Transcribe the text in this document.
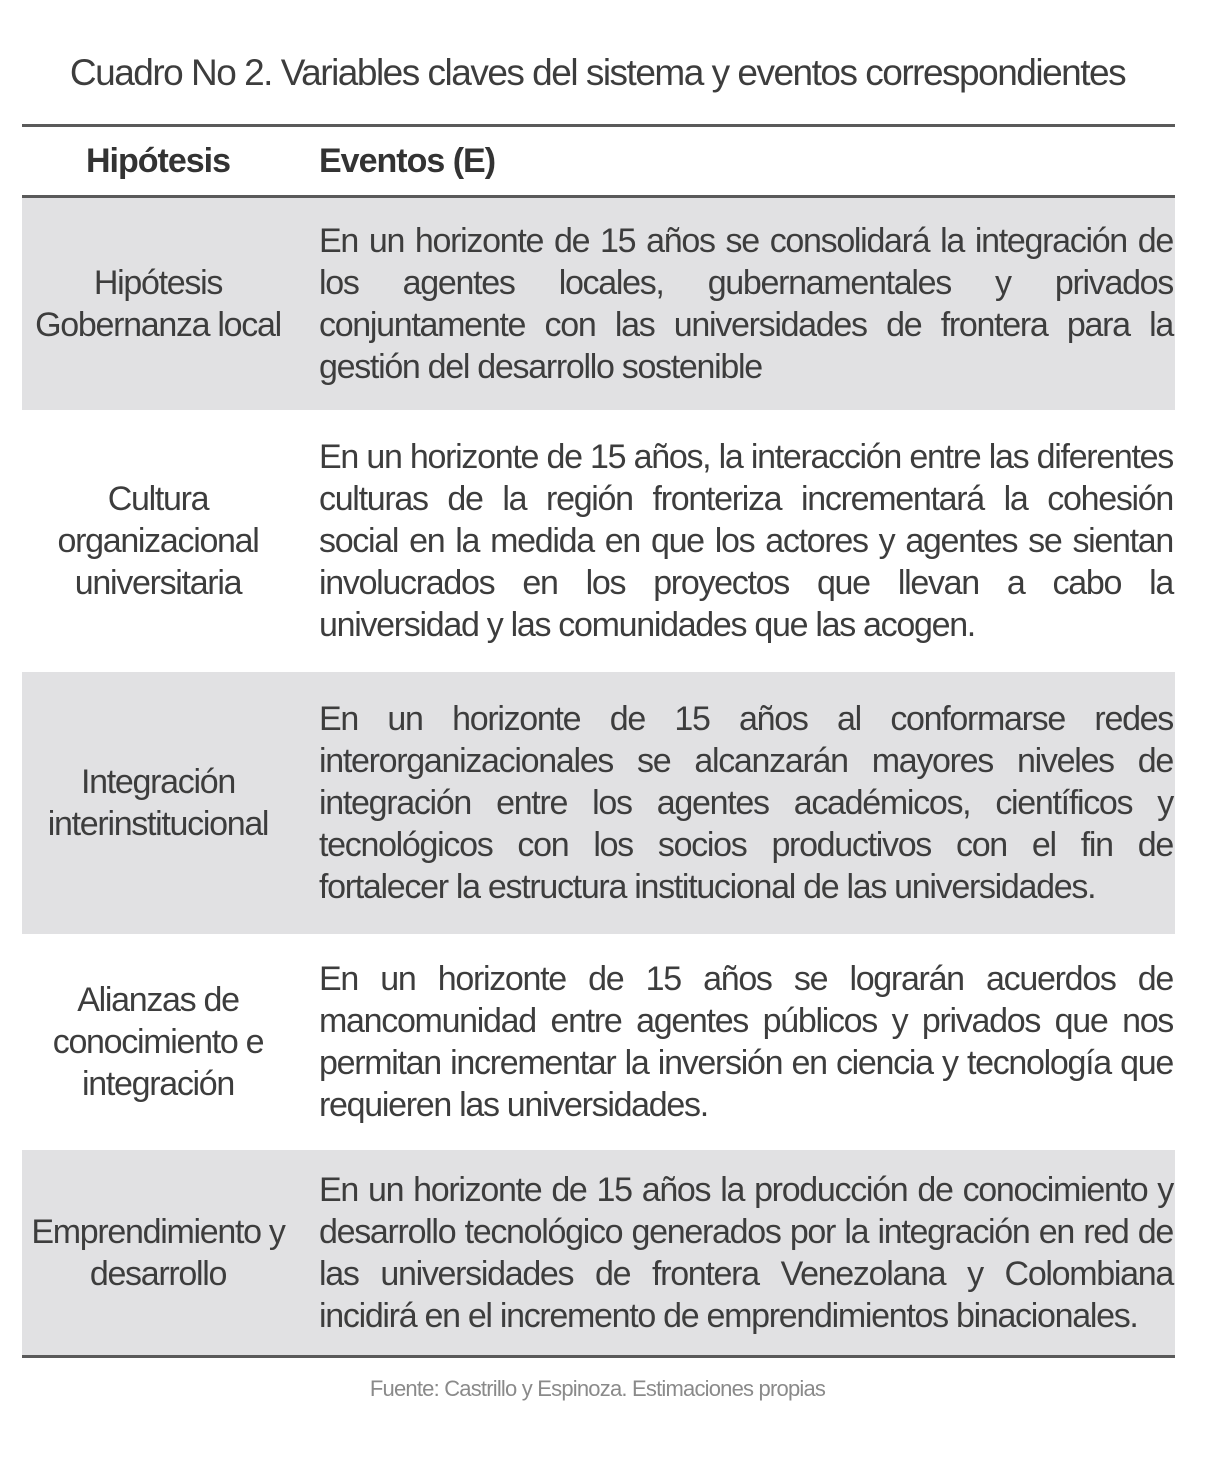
Cuadro No 2. Variables claves del sistema y eventos correspondientes
Hipótesis	Eventos (E)
Hipótesis Gobernanza local
En un horizonte de 15 años se consolidará la integración de los agentes locales, gubernamentales y privados conjuntamente con las universidades de frontera para la gestión del desarrollo sostenible
Cultura organizacional universitaria
En un horizonte de 15 años, la interacción entre las diferentes culturas de la región fronteriza incrementará la cohesión social en la medida en que los actores y agentes se sientan involucrados en los proyectos que llevan a cabo la universidad y las comunidades que las acogen.
Integración interinstitucional
En un horizonte de 15 años al conformarse redes interorganizacionales se alcanzarán mayores niveles de integración entre los agentes académicos, científicos y tecnológicos con los socios productivos con el fin de fortalecer la estructura institucional de las universidades.
Alianzas de conocimiento e integración
En un horizonte de 15 años se lograrán acuerdos de mancomunidad entre agentes públicos y privados que nos permitan incrementar la inversión en ciencia y tecnología que requieren las universidades.
Emprendimiento y desarrollo
En un horizonte de 15 años la producción de conocimiento y desarrollo tecnológico generados por la integración en red de las universidades de frontera Venezolana y Colombiana incidirá en el incremento de emprendimientos binacionales.
Fuente: Castrillo y Espinoza. Estimaciones propias
